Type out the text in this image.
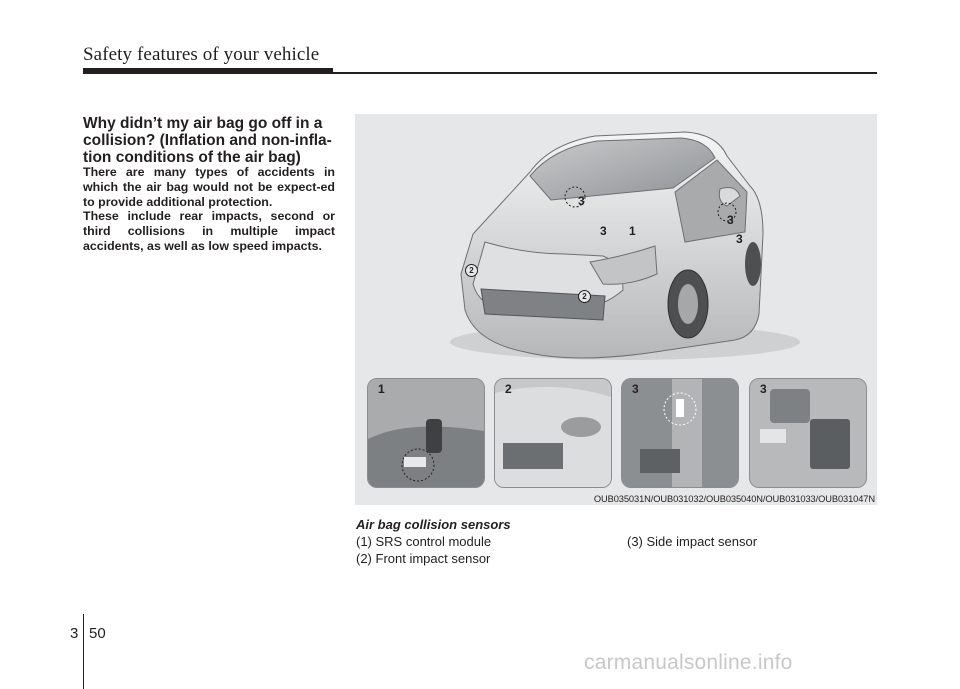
Safety features of your vehicle
Why didn’t my air bag go off in a
collision? (Inflation and non-infla-
tion conditions of the air bag)
There are many types of accidents in which the air bag would not be expect-ed to provide additional protection.
These include rear impacts, second or third collisions in multiple impact accidents, as well as low speed impacts.
3
3 1
3
3
2
2
1	2	3	3
OUB035031N/OUB031032/OUB035040N/OUB031033/OUB031047N
Air bag collision sensors
(1) SRS control module
(2) Front impact sensor
(3) Side impact sensor
3 50
carmanualsonline.info
